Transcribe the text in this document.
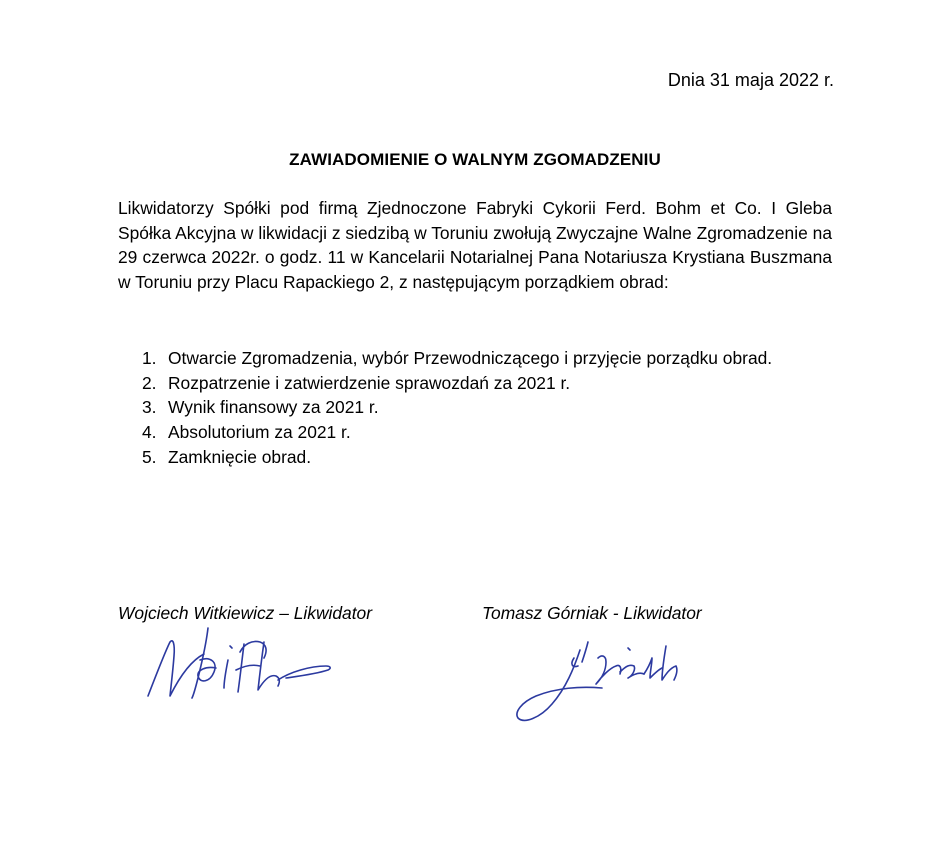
Dnia 31 maja 2022 r.
ZAWIADOMIENIE O WALNYM ZGOMADZENIU
Likwidatorzy Spółki pod firmą Zjednoczone Fabryki Cykorii Ferd. Bohm et Co. I Gleba Spółka Akcyjna w likwidacji z siedzibą w Toruniu zwołują Zwyczajne Walne Zgromadzenie na 29 czerwca 2022r. o godz. 11 w Kancelarii Notarialnej Pana Notariusza Krystiana Buszmana w Toruniu przy Placu Rapackiego 2, z następującym porządkiem obrad:
1. Otwarcie Zgromadzenia, wybór Przewodniczącego i przyjęcie porządku obrad.
2. Rozpatrzenie i zatwierdzenie sprawozdań za 2021 r.
3. Wynik finansowy za 2021 r.
4. Absolutorium za 2021 r.
5. Zamknięcie obrad.
Wojciech Witkiewicz – Likwidator	Tomasz Górniak - Likwidator
